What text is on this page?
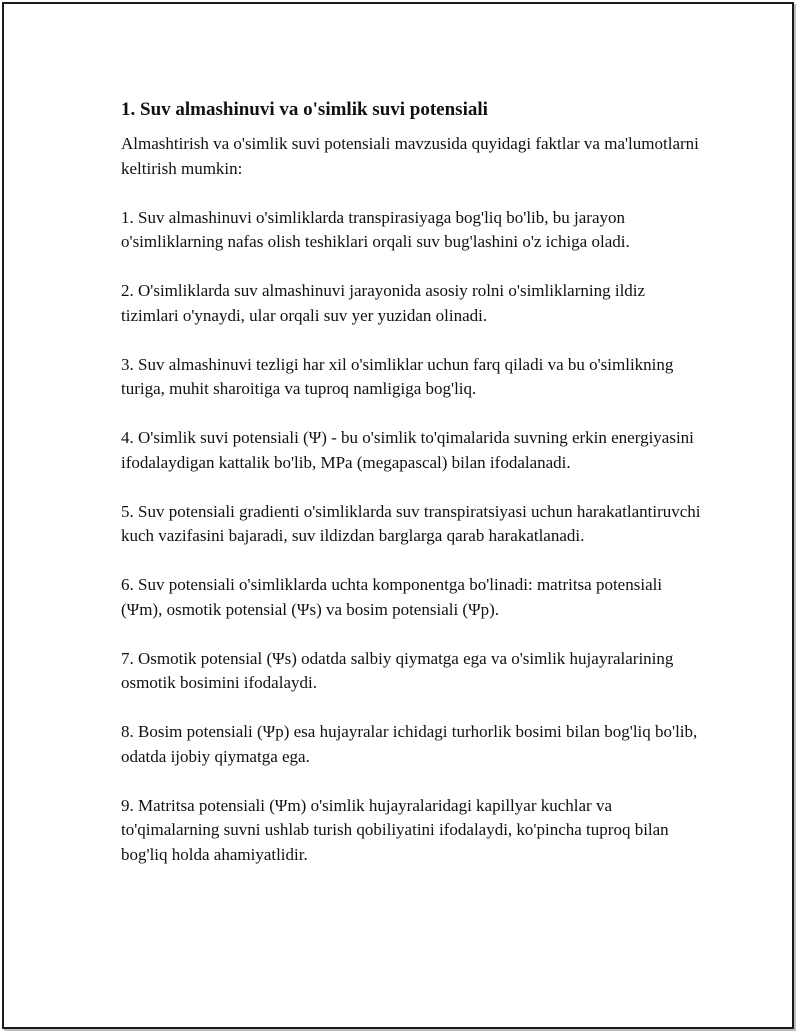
1. Suv almashinuvi va o'simlik suvi potensiali

Almashtirish va o'simlik suvi potensiali mavzusida quyidagi faktlar va ma'lumotlarni keltirish mumkin:

1. Suv almashinuvi o'simliklarda transpirasiyaga bog'liq bo'lib, bu jarayon o'simliklarning nafas olish teshiklari orqali suv bug'lashini o'z ichiga oladi.
2. O'simliklarda suv almashinuvi jarayonida asosiy rolni o'simliklarning ildiz tizimlari o'ynaydi, ular orqali suv yer yuzidan olinadi.
3. Suv almashinuvi tezligi har xil o'simliklar uchun farq qiladi va bu o'simlikning turiga, muhit sharoitiga va tuproq namligiga bog'liq.
4. O'simlik suvi potensiali (Ψ) - bu o'simlik to'qimalarida suvning erkin energiyasini ifodalaydigan kattalik bo'lib, MPa (megapascal) bilan ifodalanadi.
5. Suv potensiali gradienti o'simliklarda suv transpiratsiyasi uchun harakatlantiruvchi kuch vazifasini bajaradi, suv ildizdan barglarga qarab harakatlanadi.
6. Suv potensiali o'simliklarda uchta komponentga bo'linadi: matritsa potensiali (Ψm), osmotik potensial (Ψs) va bosim potensiali (Ψp).
7. Osmotik potensial (Ψs) odatda salbiy qiymatga ega va o'simlik hujayralarining osmotik bosimini ifodalaydi.
8. Bosim potensiali (Ψp) esa hujayralar ichidagi turhorlik bosimi bilan bog'liq bo'lib, odatda ijobiy qiymatga ega.
9. Matritsa potensiali (Ψm) o'simlik hujayralaridagi kapillyar kuchlar va to'qimalarning suvni ushlab turish qobiliyatini ifodalaydi, ko'pincha tuproq bilan bog'liq holda ahamiyatlidir.
